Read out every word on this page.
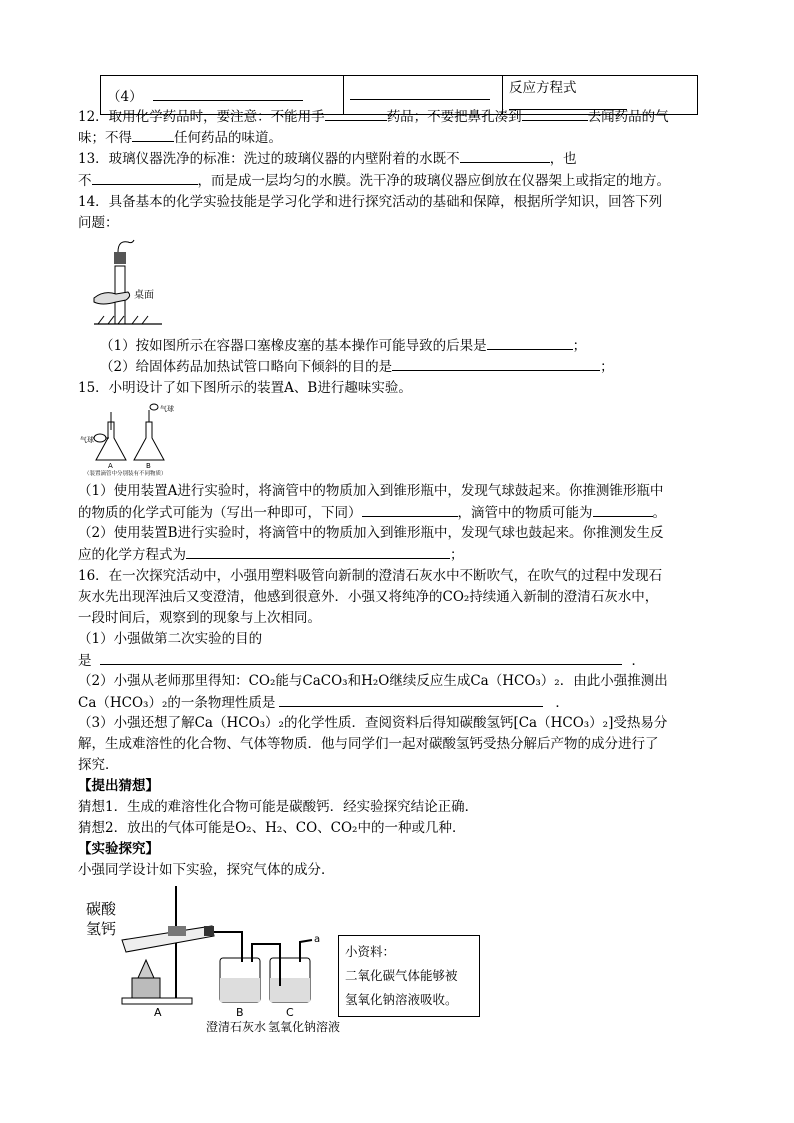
（4）		反应方程式
12．取用化学药品时，要注意：不能用手	药品；不要把鼻孔凑到	去闻药品的气
味；不得	任何药品的味道。
13．玻璃仪器洗净的标准：洗过的玻璃仪器的内壁附着的水既不	，也
不	，而是成一层均匀的水膜。洗干净的玻璃仪器应倒放在仪器架上或指定的地方。
14．具备基本的化学实验技能是学习化学和进行探究活动的基础和保障，根据所学知识，回答下列
问题：
桌面
（1）按如图所示在容器口塞橡皮塞的基本操作可能导致的后果是	；
（2）给固体药品加热试管口略向下倾斜的目的是	；
15．小明设计了如下图所示的装置A、B进行趣味实验。
气球
气球
A	B
（装置滴管中分别装有不同物质）
（1）使用装置A进行实验时，将滴管中的物质加入到锥形瓶中，发现气球鼓起来。你推测锥形瓶中
的物质的化学式可能为（写出一种即可，下同）	，滴管中的物质可能为	。
（2）使用装置B进行实验时，将滴管中的物质加入到锥形瓶中，发现气球也鼓起来。你推测发生反
应的化学方程式为	；
16．在一次探究活动中，小强用塑料吸管向新制的澄清石灰水中不断吹气，在吹气的过程中发现石
灰水先出现浑浊后又变澄清，他感到很意外．小强又将纯净的CO₂持续通入新制的澄清石灰水中，
一段时间后，观察到的现象与上次相同。
（1）小强做第二次实验的目的
是	．
（2）小强从老师那里得知：CO₂能与CaCO₃和H₂O继续反应生成Ca（HCO₃）₂．由此小强推测出
Ca（HCO₃）₂的一条物理性质是	．
（3）小强还想了解Ca（HCO₃）₂的化学性质．查阅资料后得知碳酸氢钙[Ca（HCO₃）₂]受热易分
解，生成难溶性的化合物、气体等物质．他与同学们一起对碳酸氢钙受热分解后产物的成分进行了
探究．
【提出猜想】
猜想1．生成的难溶性化合物可能是碳酸钙．经实验探究结论正确．
猜想2．放出的气体可能是O₂、H₂、CO、CO₂中的一种或几种．
【实验探究】
小强同学设计如下实验，探究气体的成分．
碳酸
氢钙
a
A	B	C
澄清石灰水 氢氧化钠溶液
小资料：
二氧化碳气体能够被
氢氧化钠溶液吸收。
